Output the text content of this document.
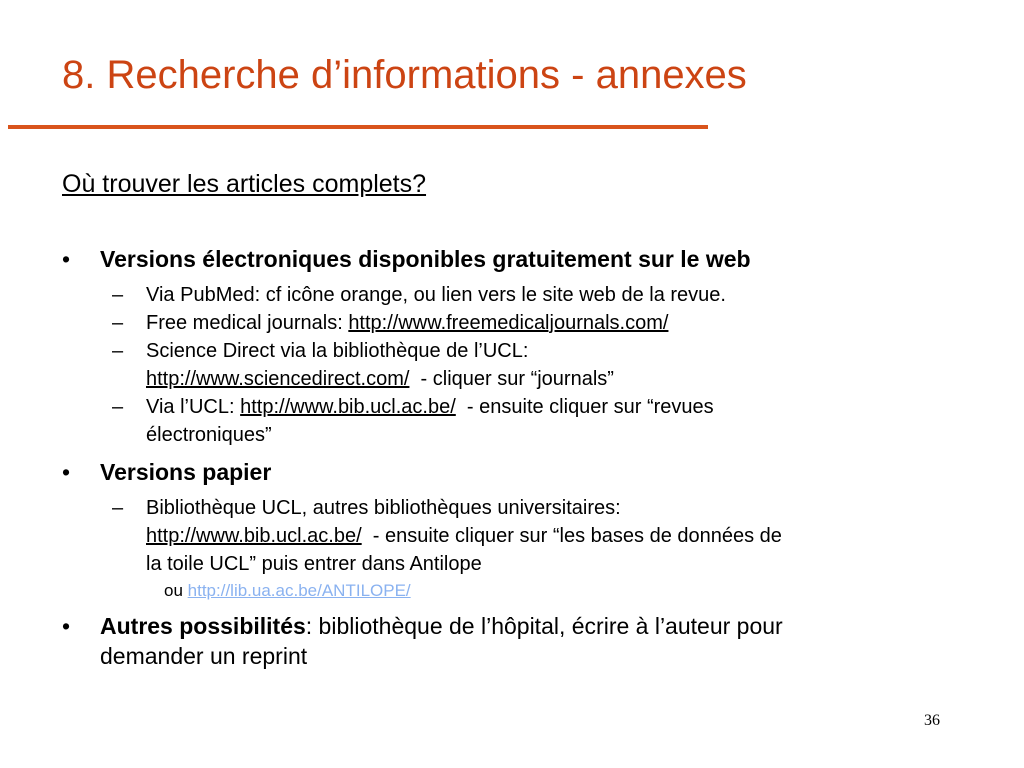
8. Recherche d’informations - annexes
Où trouver les articles complets?

• Versions électroniques disponibles gratuitement sur le web

– Via PubMed: cf icône orange, ou lien vers le site web de la revue.

– Free medical journals: http://www.freemedicaljournals.com/

– Science Direct via la bibliothèque de l’UCL:
http://www.sciencedirect.com/  - cliquer sur “journals”

– Via l’UCL: http://www.bib.ucl.ac.be/  - ensuite cliquer sur “revues
électroniques”

• Versions papier

– Bibliothèque UCL, autres bibliothèques universitaires:
http://www.bib.ucl.ac.be/  - ensuite cliquer sur “les bases de données de
la toile UCL” puis entrer dans Antilope

ou http://lib.ua.ac.be/ANTILOPE/

• Autres possibilités: bibliothèque de l’hôpital, écrire à l’auteur pour
demander un reprint

36
